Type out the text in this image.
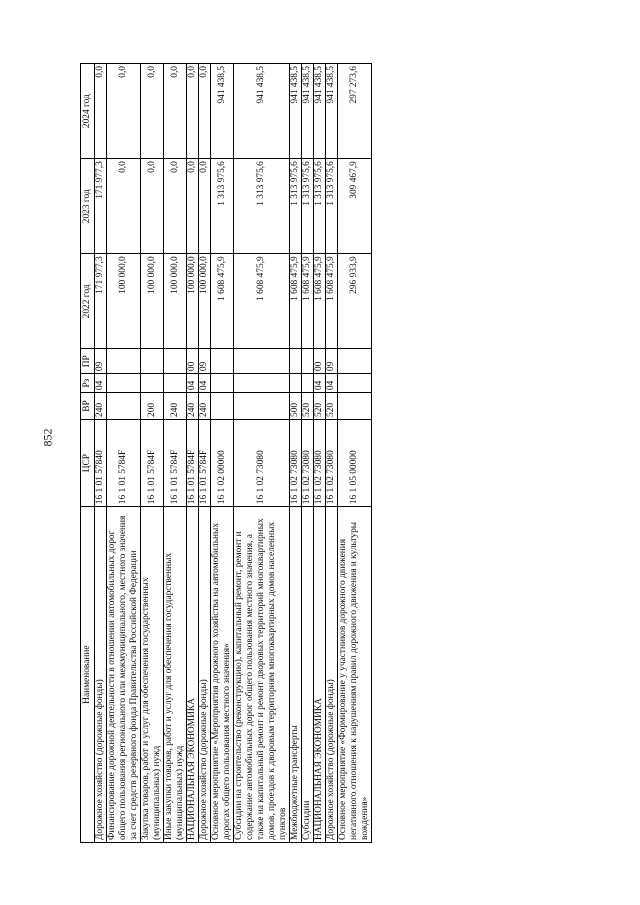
852
Наименование	ЦСР	ВР	Рз	ПР	2022 год	2023 год	2024 год
Дорожное хозяйство (дорожные фонды)	16 1 01 57840	240	04	09	171 977,3	171 977,3	0,0
Финансирование дорожной деятельности в отношении автомобильных дорог общего пользования регионального или межмуниципального, местного значения за счет средств резервного фонда Правительства Российской Федерации	16 1 01 5784F				100 000,0	0,0	0,0
Закупка товаров, работ и услуг для обеспечения государственных (муниципальных) нужд	16 1 01 5784F	200			100 000,0	0,0	0,0
Иные закупки товаров, работ и услуг для обеспечения государственных (муниципальных) нужд	16 1 01 5784F	240			100 000,0	0,0	0,0
НАЦИОНАЛЬНАЯ ЭКОНОМИКА	16 1 01 5784F	240	04	00	100 000,0	0,0	0,0
Дорожное хозяйство (дорожные фонды)	16 1 01 5784F	240	04	09	100 000,0	0,0	0,0
Основное мероприятие «Мероприятия дорожного хозяйства на автомобильных дорогах общего пользования местного значения»	16 1 02 00000				1 608 475,9	1 313 975,6	941 438,5
Субсидии на строительство (реконструкцию), капитальный ремонт, ремонт и содержание автомобильных дорог общего пользования местного значения, а также на капитальный ремонт и ремонт дворовых территорий многоквартирных домов, проездов к дворовым территориям многоквартирных домов населенных пунктов	16 1 02 73080				1 608 475,9	1 313 975,6	941 438,5
Межбюджетные трансферты	16 1 02 73080	500			1 608 475,9	1 313 975,6	941 438,5
Субсидии	16 1 02 73080	520			1 608 475,9	1 313 975,6	941 438,5
НАЦИОНАЛЬНАЯ ЭКОНОМИКА	16 1 02 73080	520	04	00	1 608 475,9	1 313 975,6	941 438,5
Дорожное хозяйство (дорожные фонды)	16 1 02 73080	520	04	09	1 608 475,9	1 313 975,6	941 438,5
Основное мероприятие «Формирование у участников дорожного движения негативного отношения к нарушениям правил дорожного движения и культуры вождения»	16 1 05 00000				296 933,9	309 467,9	297 273,6
